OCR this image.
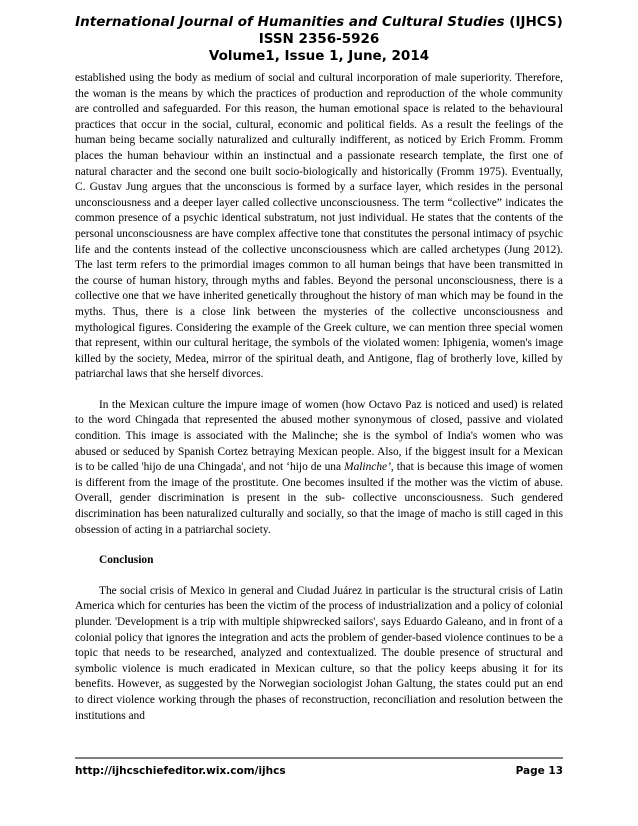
International Journal of Humanities and Cultural Studies (IJHCS)
ISSN 2356-5926
Volume1, Issue 1, June, 2014

established using the body as medium of social and cultural incorporation of male superiority. Therefore, the woman is the means by which the practices of production and reproduction of the whole community are controlled and safeguarded. For this reason, the human emotional space is related to the behavioural practices that occur in the social, cultural, economic and political fields. As a result the feelings of the human being became socially naturalized and culturally indifferent, as noticed by Erich Fromm. Fromm places the human behaviour within an instinctual and a passionate research template, the first one of natural character and the second one built socio-biologically and historically (Fromm 1975). Eventually, C. Gustav Jung argues that the unconscious is formed by a surface layer, which resides in the personal unconsciousness and a deeper layer called collective unconsciousness. The term “collective” indicates the common presence of a psychic identical substratum, not just individual. He states that the contents of the personal unconsciousness are have complex affective tone that constitutes the personal intimacy of psychic life and the contents instead of the collective unconsciousness which are called archetypes (Jung 2012). The last term refers to the primordial images common to all human beings that have been transmitted in the course of human history, through myths and fables. Beyond the personal unconsciousness, there is a collective one that we have inherited genetically throughout the history of man which may be found in the myths. Thus, there is a close link between the mysteries of the collective unconsciousness and mythological figures. Considering the example of the Greek culture, we can mention three special women that represent, within our cultural heritage, the symbols of the violated women: Iphigenia, women's image killed by the society, Medea, mirror of the spiritual death, and Antigone, flag of brotherly love, killed by patriarchal laws that she herself divorces.

In the Mexican culture the impure image of women (how Octavo Paz is noticed and used) is related to the word Chingada that represented the abused mother synonymous of closed, passive and violated condition. This image is associated with the Malinche; she is the symbol of India's women who was abused or seduced by Spanish Cortez betraying Mexican people. Also, if the biggest insult for a Mexican is to be called 'hijo de una Chingada', and not ‘hijo de una Malinche’, that is because this image of women is different from the image of the prostitute. One becomes insulted if the mother was the victim of abuse. Overall, gender discrimination is present in the sub- collective unconsciousness. Such gendered discrimination has been naturalized culturally and socially, so that the image of macho is still caged in this obsession of acting in a patriarchal society.

Conclusion

The social crisis of Mexico in general and Ciudad Juárez in particular is the structural crisis of Latin America which for centuries has been the victim of the process of industrialization and a policy of colonial plunder. 'Development is a trip with multiple shipwrecked sailors', says Eduardo Galeano, and in front of a colonial policy that ignores the integration and acts the problem of gender-based violence continues to be a topic that needs to be researched, analyzed and contextualized. The double presence of structural and symbolic violence is much eradicated in Mexican culture, so that the policy keeps abusing it for its benefits. However, as suggested by the Norwegian sociologist Johan Galtung, the states could put an end to direct violence working through the phases of reconstruction, reconciliation and resolution between the institutions and

http://ijhcschiefeditor.wix.com/ijhcs	Page 13
